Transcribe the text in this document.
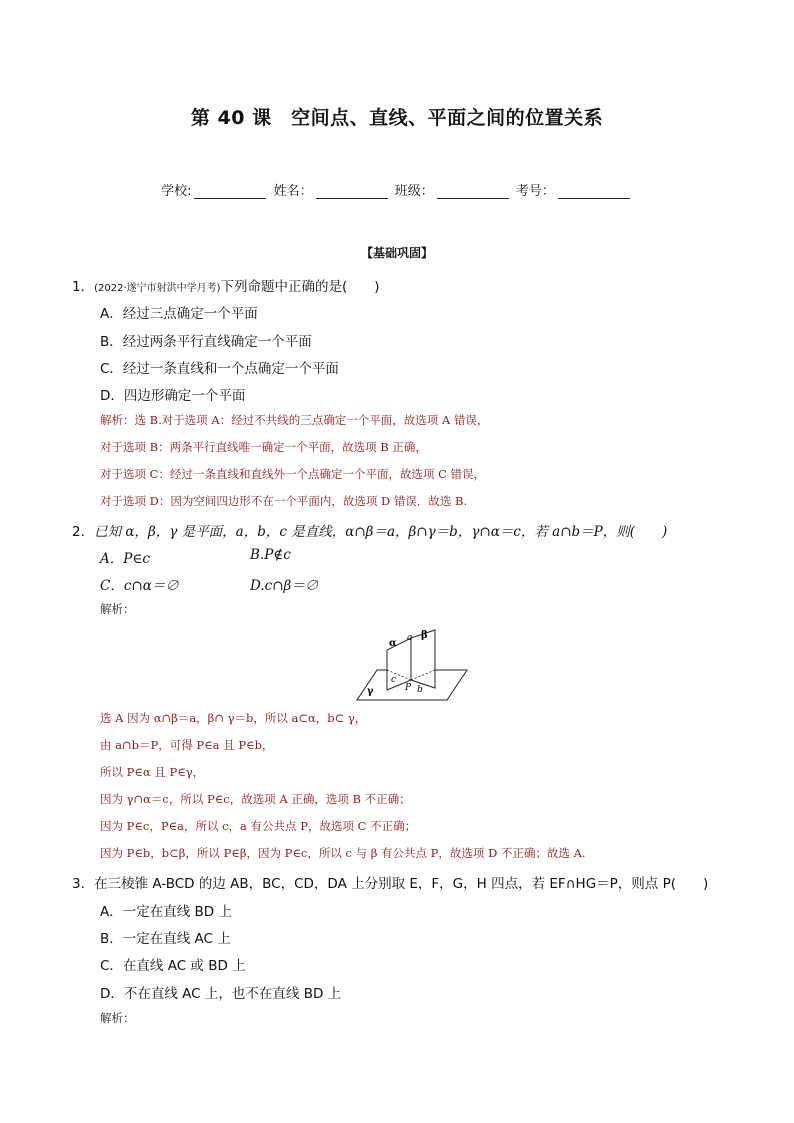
第 40 课　空间点、直线、平面之间的位置关系
学校:	姓名：	班级：	考号：
【基础巩固】
1．(2022·遂宁市射洪中学月考)下列命题中正确的是(　　)
A．经过三点确定一个平面
B．经过两条平行直线确定一个平面
C．经过一条直线和一个点确定一个平面
D．四边形确定一个平面
解析：选 B.对于选项 A：经过不共线的三点确定一个平面，故选项 A 错误，
对于选项 B：两条平行直线唯一确定一个平面，故选项 B 正确，
对于选项 C：经过一条直线和直线外一个点确定一个平面，故选项 C 错误，
对于选项 D：因为空间四边形不在一个平面内，故选项 D 错误．故选 B.
2．已知 α，β，γ 是平面，a，b，c 是直线，α∩β＝a，β∩γ＝b，γ∩α＝c，若 a∩b＝P，则(　　)
A．P∈c	B.P∉c
C．c∩α＝∅	D.c∩β＝∅
解析：
α
β
a
γ
c
P b
选 A 因为 α∩β＝a，β∩ γ＝b，所以 a⊂α，b⊂ γ，
由 a∩b＝P，可得 P∈a 且 P∈b，
所以 P∈α 且 P∈γ，
因为 γ∩α＝c，所以 P∈c，故选项 A 正确，选项 B 不正确；
因为 P∈c，P∈a，所以 c，a 有公共点 P，故选项 C 不正确；
因为 P∈b，b⊂β，所以 P∈β，因为 P∈c，所以 c 与 β 有公共点 P，故选项 D 不正确；故选 A.
3．在三棱锥 A-BCD 的边 AB，BC，CD，DA 上分别取 E，F，G，H 四点，若 EF∩HG＝P，则点 P(　　)
A．一定在直线 BD 上
B．一定在直线 AC 上
C．在直线 AC 或 BD 上
D．不在直线 AC 上，也不在直线 BD 上
解析：
